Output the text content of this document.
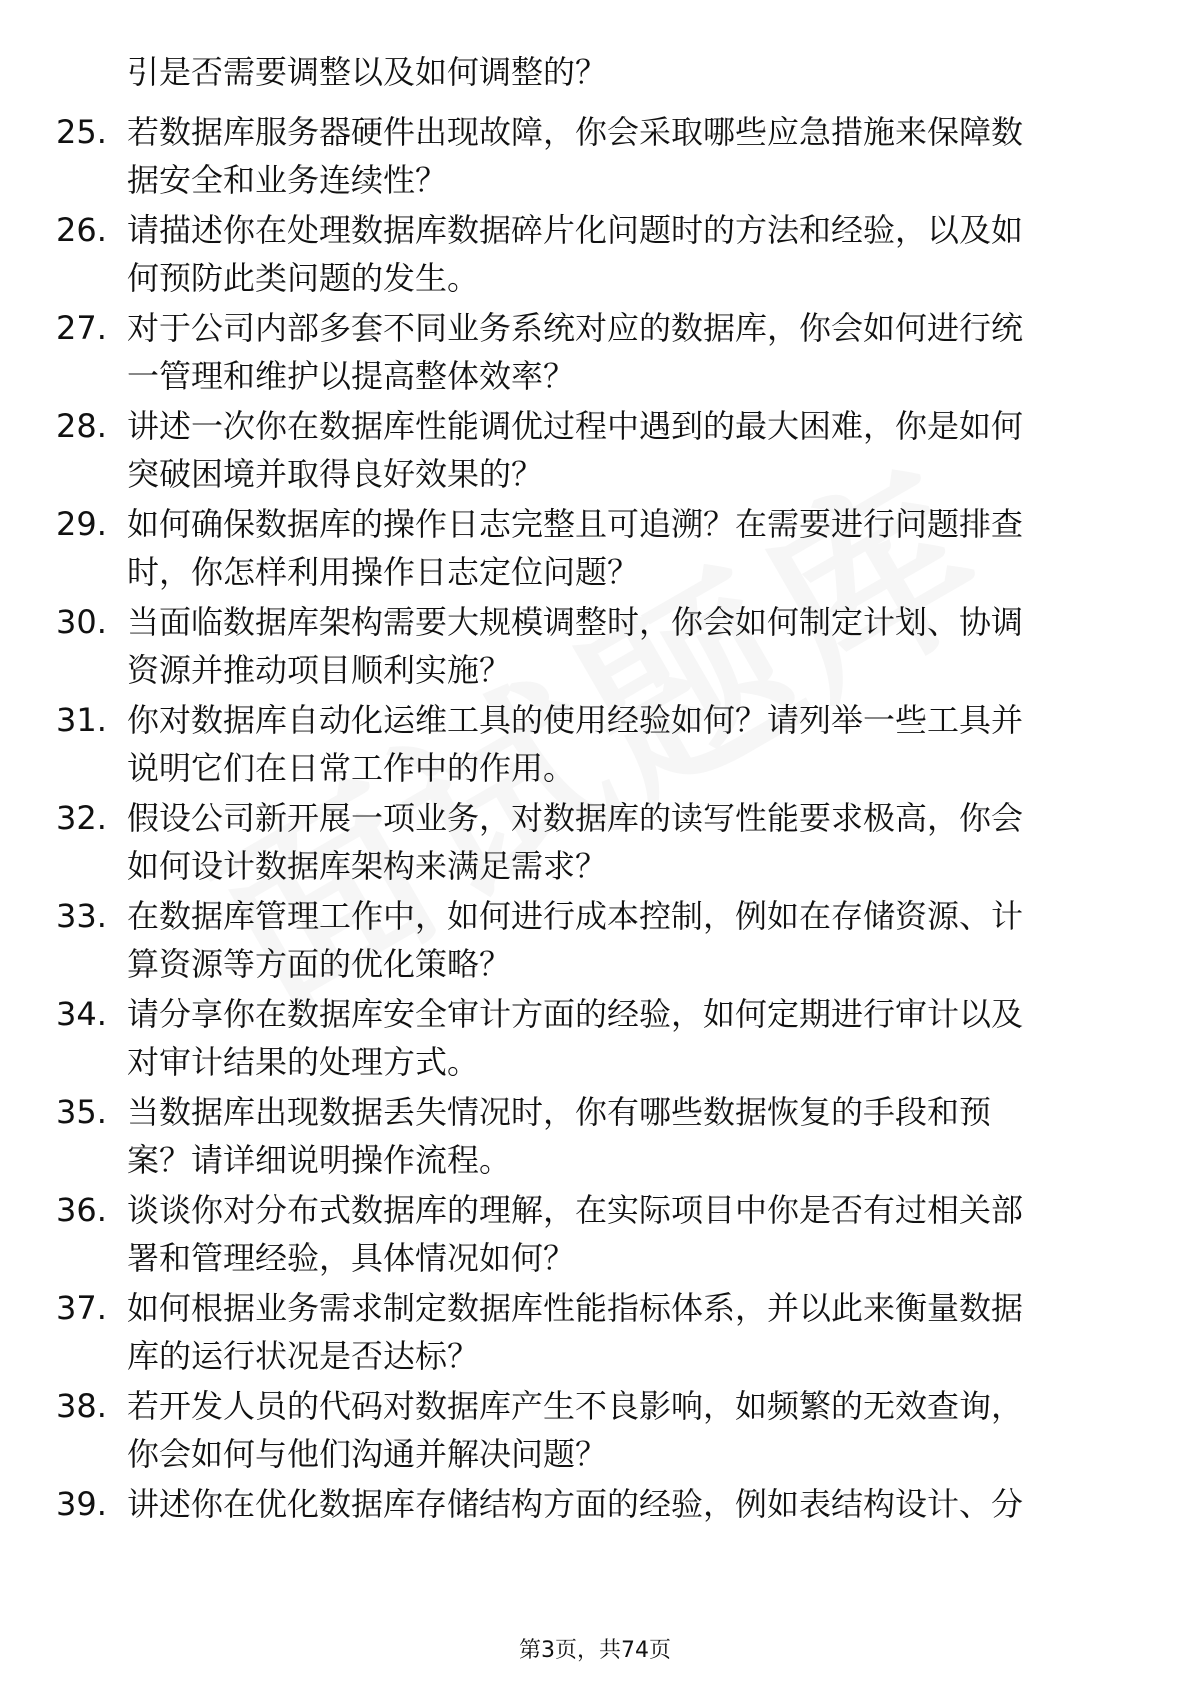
引是否需要调整以及如何调整的？
25. 若数据库服务器硬件出现故障，你会采取哪些应急措施来保障数
据安全和业务连续性？
26. 请描述你在处理数据库数据碎片化问题时的方法和经验，以及如
何预防此类问题的发生。
27. 对于公司内部多套不同业务系统对应的数据库，你会如何进行统
一管理和维护以提高整体效率？
28. 讲述一次你在数据库性能调优过程中遇到的最大困难，你是如何
突破困境并取得良好效果的？
29. 如何确保数据库的操作日志完整且可追溯？在需要进行问题排查
时，你怎样利用操作日志定位问题？
30. 当面临数据库架构需要大规模调整时，你会如何制定计划、协调
资源并推动项目顺利实施？
31. 你对数据库自动化运维工具的使用经验如何？请列举一些工具并
说明它们在日常工作中的作用。
32. 假设公司新开展一项业务，对数据库的读写性能要求极高，你会
如何设计数据库架构来满足需求？
33. 在数据库管理工作中，如何进行成本控制，例如在存储资源、计
算资源等方面的优化策略？
34. 请分享你在数据库安全审计方面的经验，如何定期进行审计以及
对审计结果的处理方式。
35. 当数据库出现数据丢失情况时，你有哪些数据恢复的手段和预
案？请详细说明操作流程。
36. 谈谈你对分布式数据库的理解，在实际项目中你是否有过相关部
署和管理经验，具体情况如何？
37. 如何根据业务需求制定数据库性能指标体系，并以此来衡量数据
库的运行状况是否达标？
38. 若开发人员的代码对数据库产生不良影响，如频繁的无效查询，
你会如何与他们沟通并解决问题？
39. 讲述你在优化数据库存储结构方面的经验，例如表结构设计、分
第3页，共74页
